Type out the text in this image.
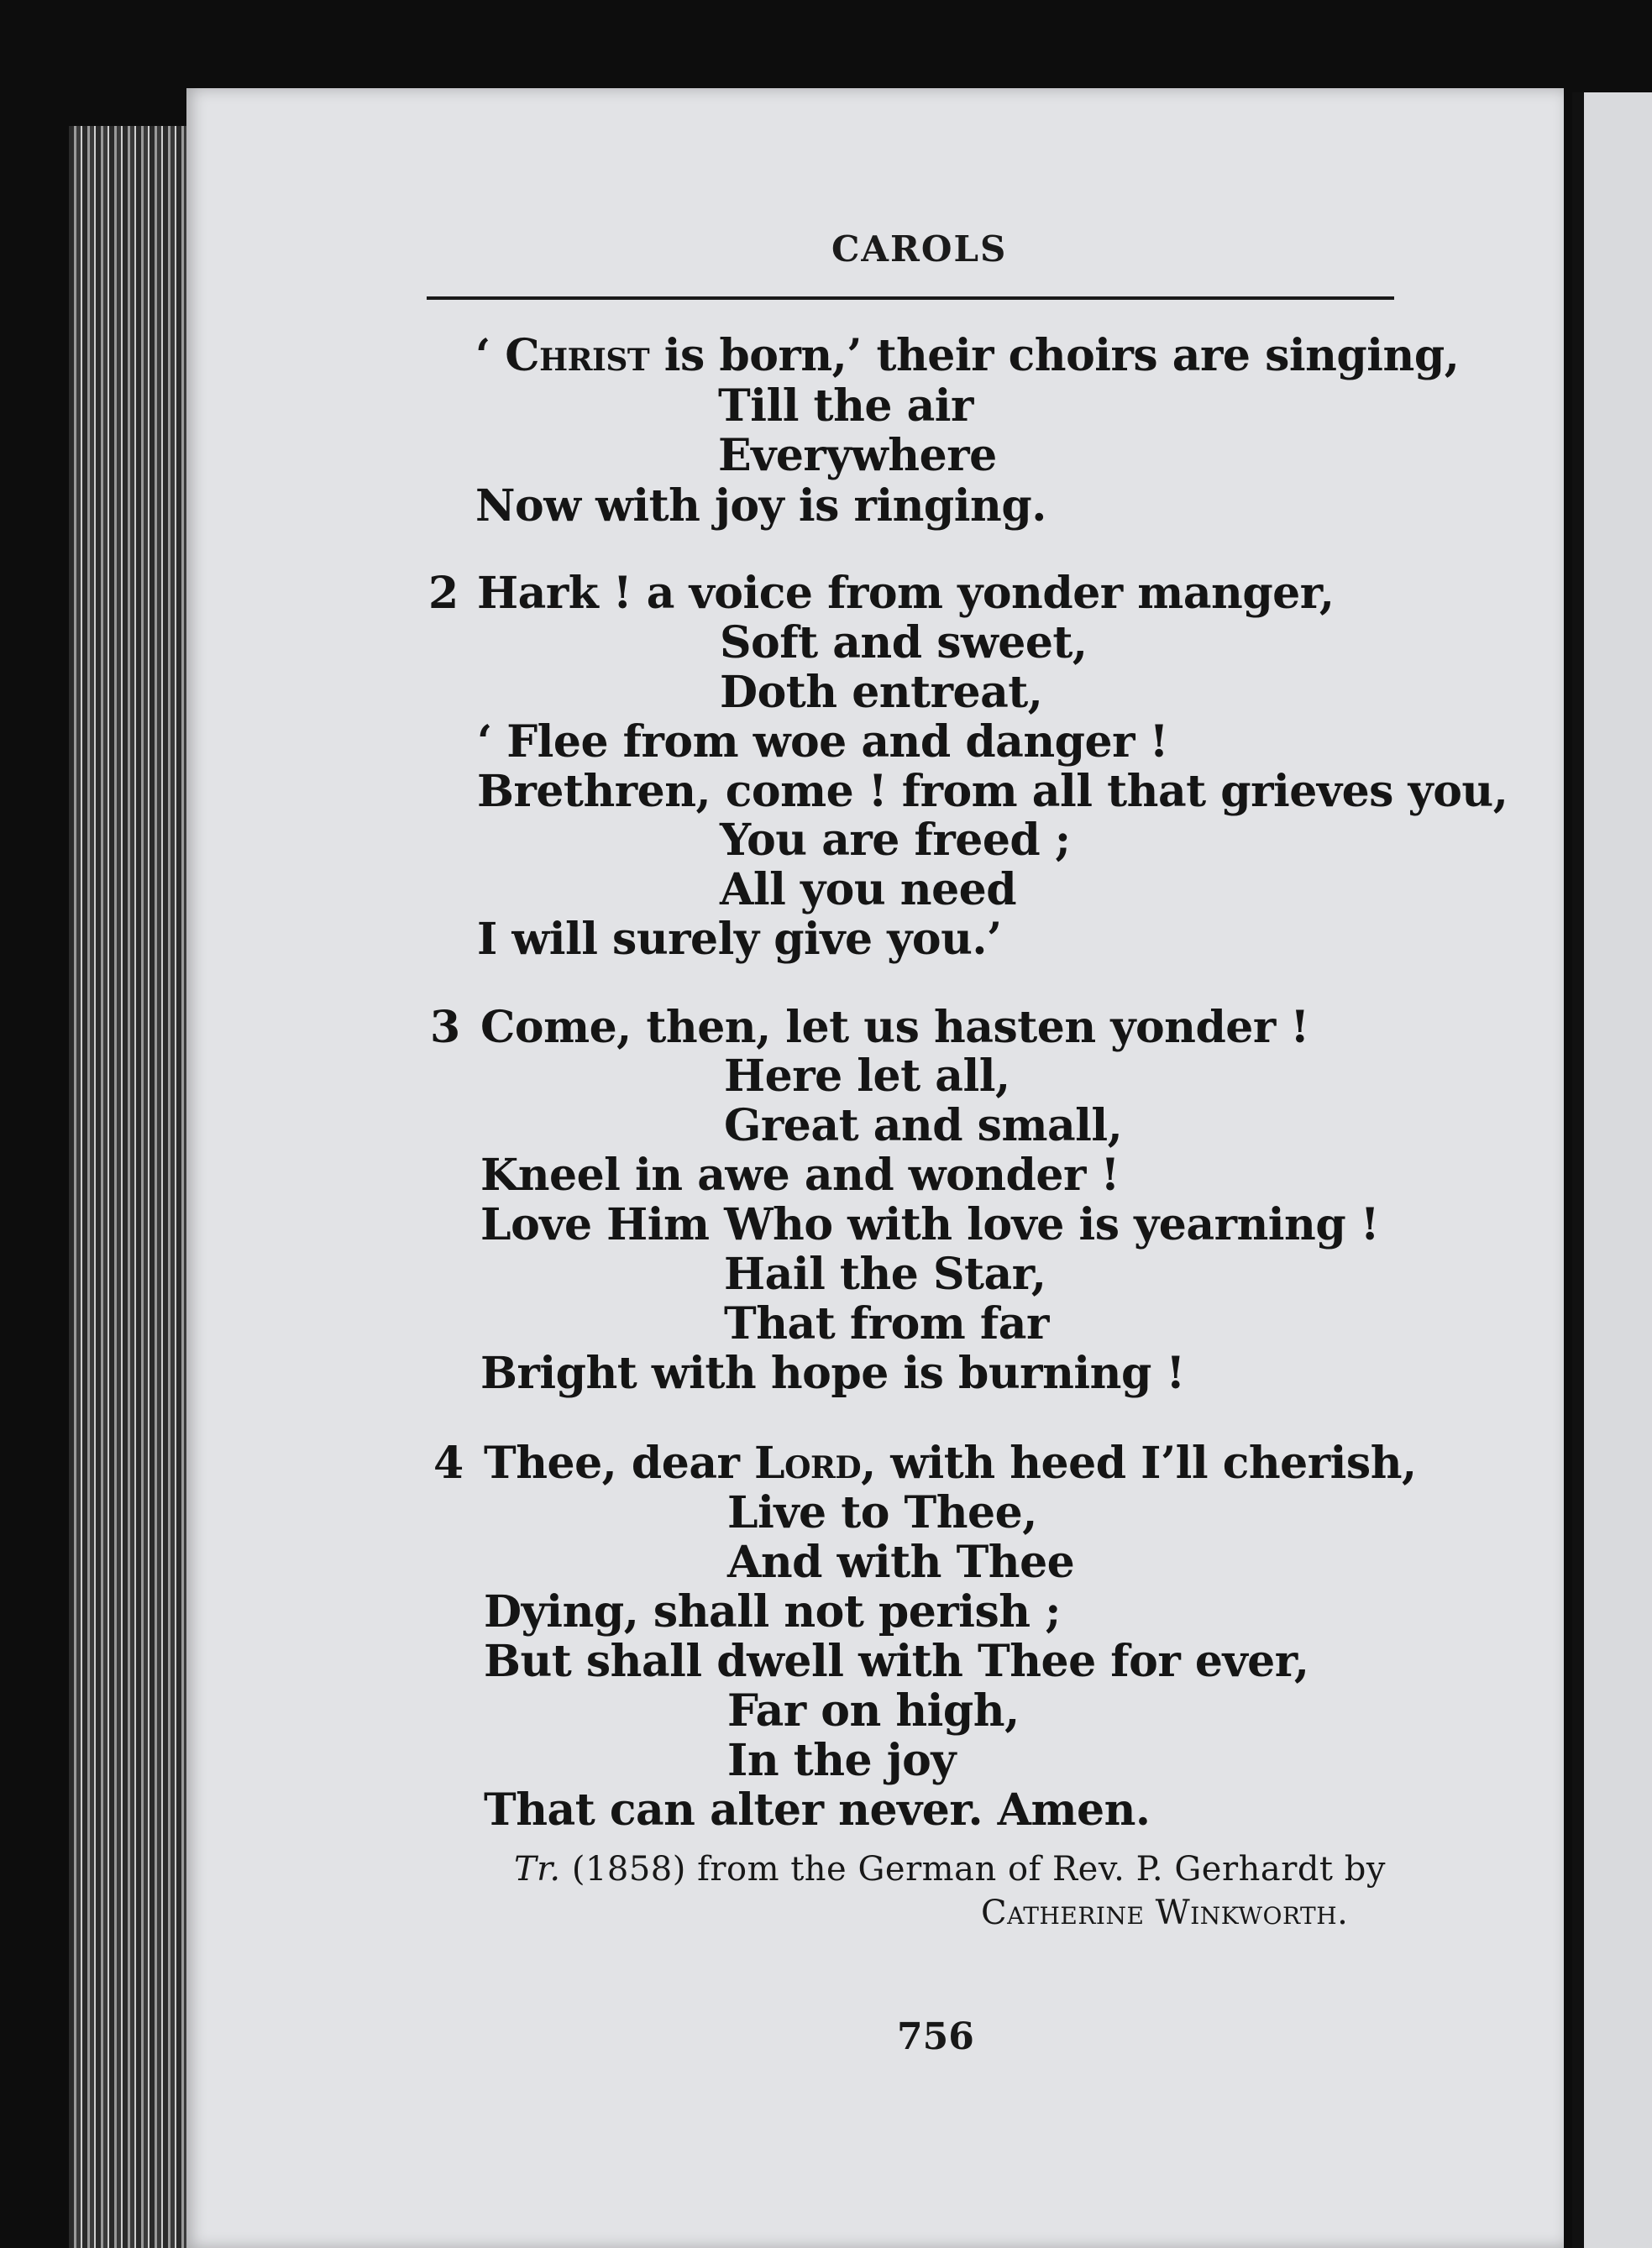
CAROLS
‘ Christ is born,’ their choirs are singing,
Till the air
Everywhere
Now with joy is ringing.
2 Hark ! a voice from yonder manger,
Soft and sweet,
Doth entreat,
‘ Flee from woe and danger !
Brethren, come ! from all that grieves you,
You are freed ;
All you need
I will surely give you.’
3 Come, then, let us hasten yonder !
Here let all,
Great and small,
Kneel in awe and wonder !
Love Him Who with love is yearning !
Hail the Star,
That from far
Bright with hope is burning !
4 Thee, dear Lord, with heed I’ll cherish,
Live to Thee,
And with Thee
Dying, shall not perish ;
But shall dwell with Thee for ever,
Far on high,
In the joy
That can alter never. Amen.
Tr. (1858) from the German of Rev. P. Gerhardt by
Catherine Winkworth.
756
